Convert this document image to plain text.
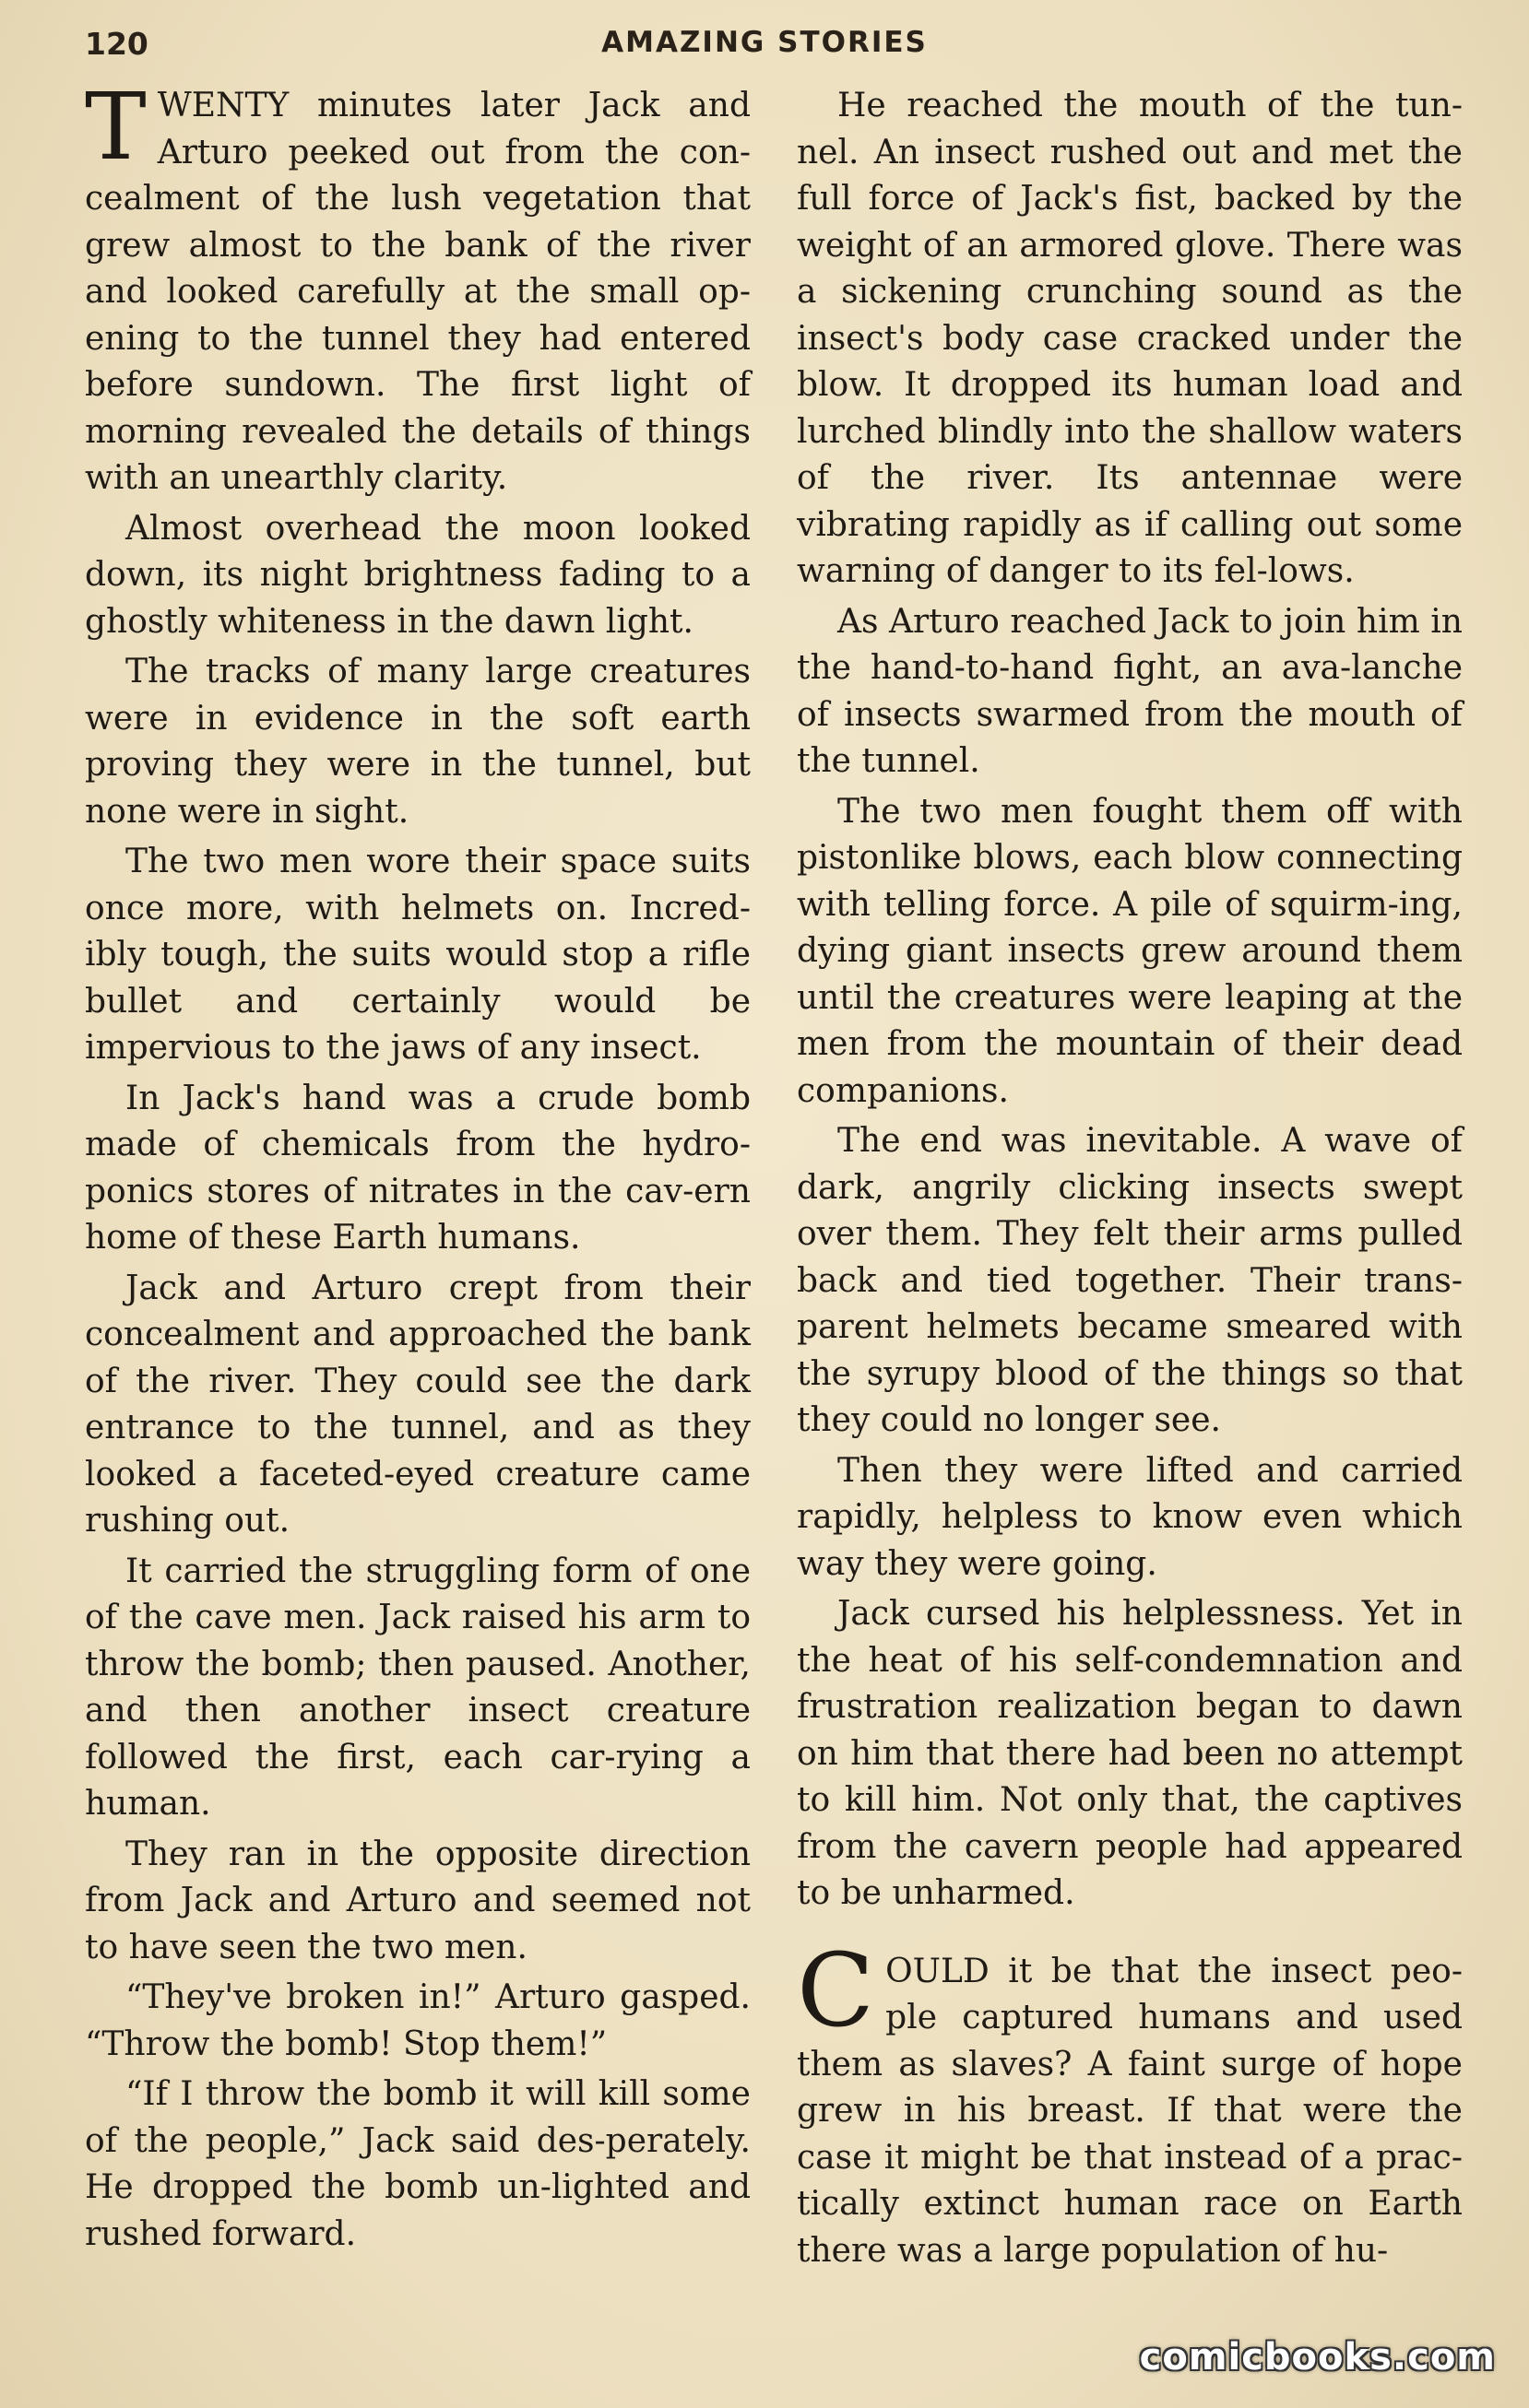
120	AMAZING STORIES

TWENTY minutes later Jack and Arturo peeked out from the con-cealment of the lush vegetation that grew almost to the bank of the river and looked carefully at the small op-ening to the tunnel they had entered before sundown. The first light of morning revealed the details of things with an unearthly clarity.

Almost overhead the moon looked down, its night brightness fading to a ghostly whiteness in the dawn light.

The tracks of many large creatures were in evidence in the soft earth proving they were in the tunnel, but none were in sight.

The two men wore their space suits once more, with helmets on. Incred-ibly tough, the suits would stop a rifle bullet and certainly would be impervious to the jaws of any insect.

In Jack's hand was a crude bomb made of chemicals from the hydro-ponics stores of nitrates in the cav-ern home of these Earth humans.

Jack and Arturo crept from their concealment and approached the bank of the river. They could see the dark entrance to the tunnel, and as they looked a faceted-eyed creature came rushing out.

It carried the struggling form of one of the cave men. Jack raised his arm to throw the bomb; then paused. Another, and then another insect creature followed the first, each car-rying a human.

They ran in the opposite direction from Jack and Arturo and seemed not to have seen the two men.

“They've broken in!” Arturo gasped. “Throw the bomb! Stop them!”

“If I throw the bomb it will kill some of the people,” Jack said des-perately. He dropped the bomb un-lighted and rushed forward.

He reached the mouth of the tun-nel. An insect rushed out and met the full force of Jack's fist, backed by the weight of an armored glove. There was a sickening crunching sound as the insect's body case cracked under the blow. It dropped its human load and lurched blindly into the shallow waters of the river. Its antennae were vibrating rapidly as if calling out some warning of danger to its fel-lows.

As Arturo reached Jack to join him in the hand-to-hand fight, an ava-lanche of insects swarmed from the mouth of the tunnel.

The two men fought them off with pistonlike blows, each blow connecting with telling force. A pile of squirm-ing, dying giant insects grew around them until the creatures were leaping at the men from the mountain of their dead companions.

The end was inevitable. A wave of dark, angrily clicking insects swept over them. They felt their arms pulled back and tied together. Their trans-parent helmets became smeared with the syrupy blood of the things so that they could no longer see.

Then they were lifted and carried rapidly, helpless to know even which way they were going.

Jack cursed his helplessness. Yet in the heat of his self-condemnation and frustration realization began to dawn on him that there had been no attempt to kill him. Not only that, the captives from the cavern people had appeared to be unharmed.

COULD it be that the insect peo-ple captured humans and used them as slaves? A faint surge of hope grew in his breast. If that were the case it might be that instead of a prac-tically extinct human race on Earth there was a large population of hu-

comicbooks.com
